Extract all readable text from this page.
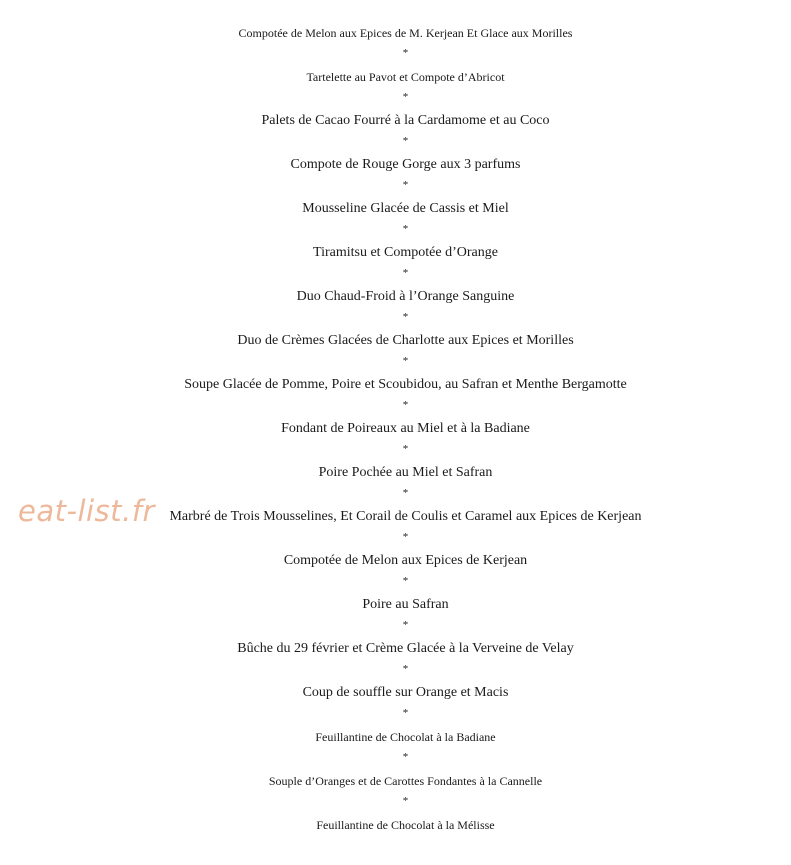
Compotée de Melon aux Epices de M. Kerjean Et Glace aux Morilles
*
Tartelette au Pavot et Compote d’Abricot
*
Palets de Cacao Fourré à la Cardamome et au Coco
*
Compote de Rouge Gorge aux 3 parfums
*
Mousseline Glacée de Cassis et Miel
*
Tiramitsu et Compotée d’Orange
*
Duo Chaud-Froid à l’Orange Sanguine
*
Duo de Crèmes Glacées de Charlotte aux Epices et Morilles
*
Soupe Glacée de Pomme, Poire et Scoubidou, au Safran et Menthe Bergamotte
*
Fondant de Poireaux au Miel et à la Badiane
*
Poire Pochée au Miel et Safran
*
Marbré de Trois Mousselines, Et Corail de Coulis et Caramel aux Epices de Kerjean
*
Compotée de Melon aux Epices de Kerjean
*
Poire au Safran
*
Bûche du 29 février et Crème Glacée à la Verveine de Velay
*
Coup de souffle sur Orange et Macis
*
Feuillantine de Chocolat à la Badiane
*
Souple d’Oranges et de Carottes Fondantes à la Cannelle
*
Feuillantine de Chocolat à la Mélisse
eat-list.fr
